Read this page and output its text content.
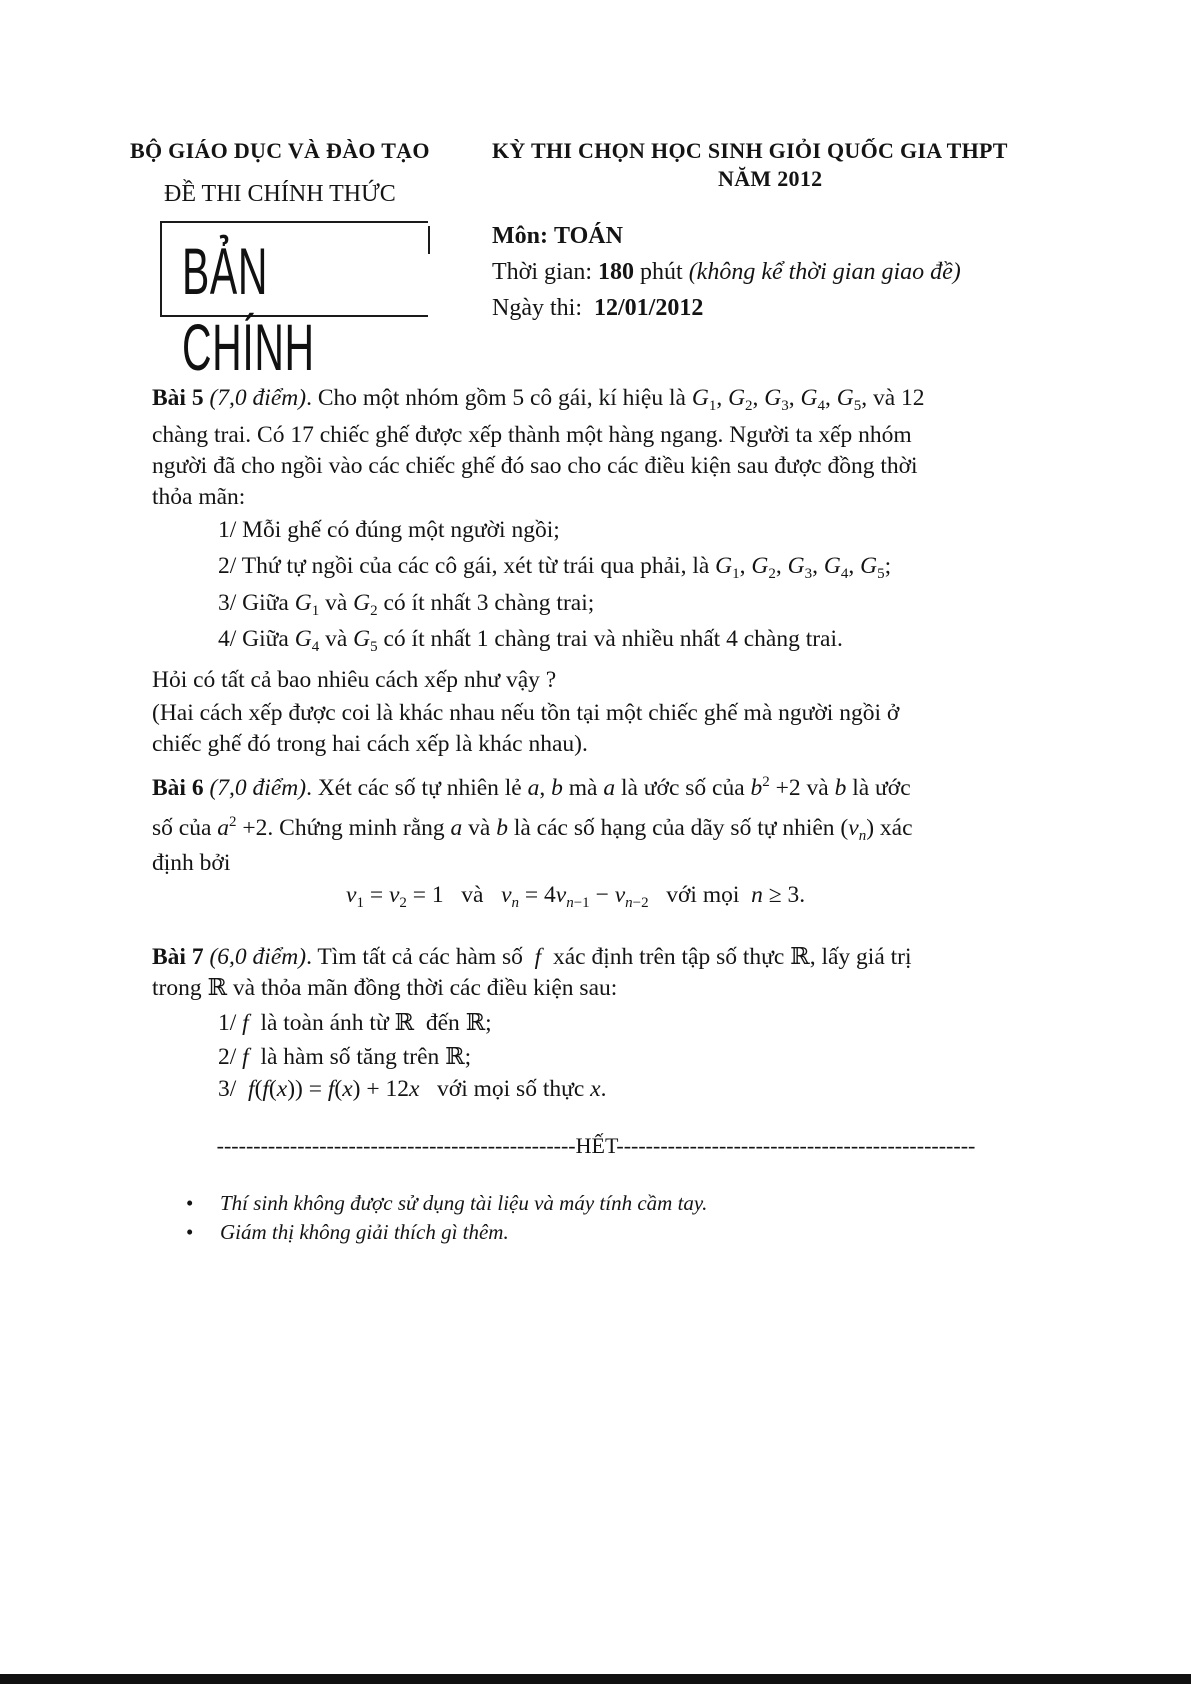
BỘ GIÁO DỤC VÀ ĐÀO TẠO
ĐỀ THI CHÍNH THỨC
BẢN CHÍNH
KỲ THI CHỌN HỌC SINH GIỎI QUỐC GIA THPT
NĂM 2012
Môn: TOÁN
Thời gian: 180 phút (không kể thời gian giao đề)
Ngày thi: 12/01/2012
Bài 5 (7,0 điểm). Cho một nhóm gồm 5 cô gái, kí hiệu là $G_1$, $G_2$, $G_3$, $G_4$, $G_5$, và 12
chàng trai. Có 17 chiếc ghế được xếp thành một hàng ngang. Người ta xếp nhóm
người đã cho ngồi vào các chiếc ghế đó sao cho các điều kiện sau được đồng thời
thỏa mãn:
1/ Mỗi ghế có đúng một người ngồi;
2/ Thứ tự ngồi của các cô gái, xét từ trái qua phải, là $G_1$, $G_2$, $G_3$, $G_4$, $G_5$;
3/ Giữa $G_1$ và $G_2$ có ít nhất 3 chàng trai;
4/ Giữa $G_4$ và $G_5$ có ít nhất 1 chàng trai và nhiều nhất 4 chàng trai.
Hỏi có tất cả bao nhiêu cách xếp như vậy ?
(Hai cách xếp được coi là khác nhau nếu tồn tại một chiếc ghế mà người ngồi ở
chiếc ghế đó trong hai cách xếp là khác nhau).
Bài 6 (7,0 điểm). Xét các số tự nhiên lẻ a, b mà a là ước số của $b^2 +2$ và b là ước
số của $a^2 +2$. Chứng minh rằng a và b là các số hạng của dãy số tự nhiên $(v_n)$ xác
định bởi
$v_1 = v_2 = 1$   và   $v_n = 4v_{n-1} - v_{n-2}$   với mọi  n ≥ 3.
Bài 7 (6,0 điểm). Tìm tất cả các hàm số  f  xác định trên tập số thực ℝ, lấy giá trị
trong ℝ và thỏa mãn đồng thời các điều kiện sau:
1/ f  là toàn ánh từ ℝ  đến ℝ;
2/ f  là hàm số tăng trên ℝ;
3/  f(f(x)) = f(x) + 12x   với mọi số thực x.
-------------------------------------------------HẾT-------------------------------------------------
• Thí sinh không được sử dụng tài liệu và máy tính cầm tay.
• Giám thị không giải thích gì thêm.
